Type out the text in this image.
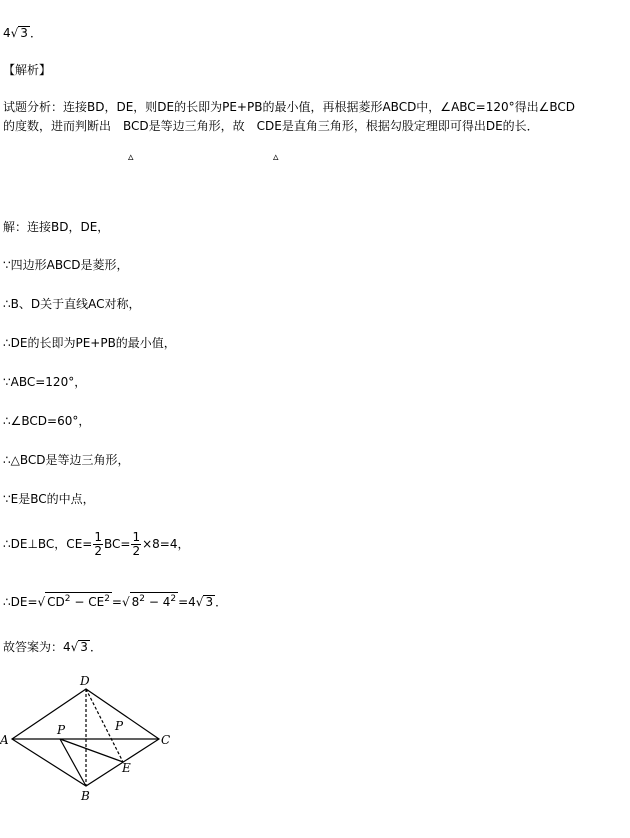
4√ 3 ．
【解析】
试题分析：连接BD，DE，则DE的长即为PE+PB的最小值，再根据菱形ABCD中，∠ABC=120°得出∠BCD
的度数，进而判断出　BCD是等边三角形，故　CDE是直角三角形，根据勾股定理即可得出DE的长．
▵	▵
解：连接BD，DE，
∵四边形ABCD是菱形，
∴B、D关于直线AC对称，
∴DE的长即为PE+PB的最小值，
∵ABC=120°，
∴∠BCD=60°，
∴△BCD是等边三角形，
∵E是BC的中点，
∴DE⊥BC，$CE= \frac{1}{2} BC= \frac{1}{2} \times 8=4$，
∴DE=√ $CD^2 - CE^2$ =√ $8^2 - 4^2 =4√$ 3 ．
故答案为：4√ 3 ．
A
D
C
B
E
P	P
